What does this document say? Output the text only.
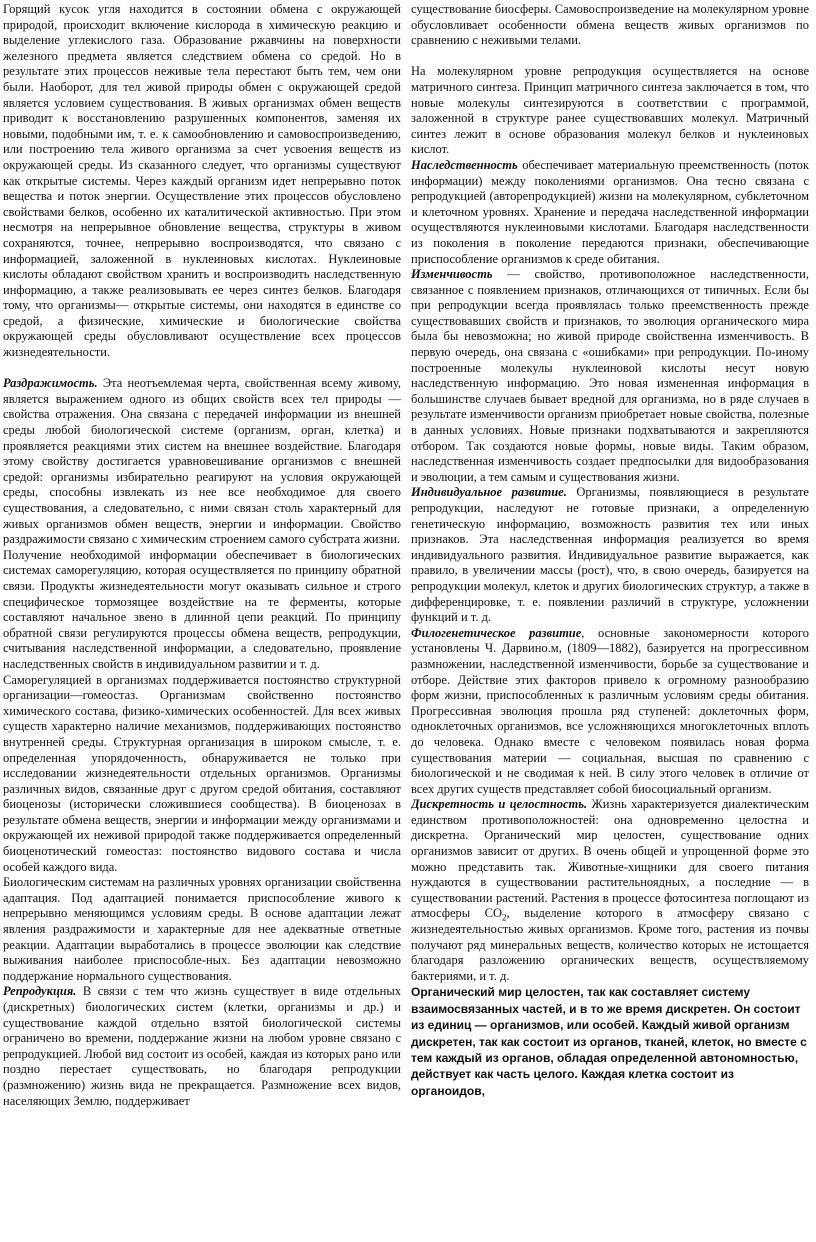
Горящий кусок угля находится в состоянии обмена с окружающей природой, происходит включение кислорода в химическую реакцию и выделение углекислого газа. Образование ржавчины на поверхности железного предмета является следствием обмена со средой. Но в результате этих процессов неживые тела перестают быть тем, чем они были. Наоборот, для тел живой природы обмен с окружающей средой является условием существования. В живых организмах обмен веществ приводит к восстановлению разрушенных компонентов, заменяя их новыми, подобными им, т. е. к самообновлению и самовоспроизведению, или построению тела живого организма за счет усвоения веществ из окружающей среды. Из сказанного следует, что организмы существуют как открытые системы. Через каждый организм идет непрерывно поток вещества и поток энергии. Осуществление этих процессов обусловлено свойствами белков, особенно их каталитической активностью. При этом несмотря на непрерывное обновление вещества, структуры в живом сохраняются, точнее, непрерывно воспроизводятся, что связано с информацией, заложенной в нуклеиновых кислотах. Нуклеиновые кислоты обладают свойством хранить и воспроизводить наследственную информацию, а также реализовывать ее через синтез белков. Благодаря тому, что организмы— открытые системы, они находятся в единстве со средой, а физические, химические и биологические свойства окружающей среды обусловливают осуществление всех процессов жизнедеятельности.

Раздражимость. Эта неотъемлемая черта, свойственная всему живому, является выражением одного из общих свойств всех тел природы — свойства отражения. Она связана с передачей информации из внешней среды любой биологической системе (организм, орган, клетка) и проявляется реакциями этих систем на внешнее воздействие. Благодаря этому свойству достигается уравновешивание организмов с внешней средой: организмы избирательно реагируют на условия окружающей среды, способны извлекать из нее все необходимое для своего существования, а следовательно, с ними связан столь характерный для живых организмов обмен веществ, энергии и информации. Свойство раздражимости связано с химическим строением самого субстрата жизни.

Получение необходимой информации обеспечивает в биологических системах саморегуляцию, которая осуществляется по принципу обратной связи. Продукты жизнедеятельности могут оказывать сильное и строго специфическое тормозящее воздействие на те ферменты, которые составляют начальное звено в длинной цепи реакций. По принципу обратной связи регулируются процессы обмена веществ, репродукции, считывания наследственной информации, а следовательно, проявление наследственных свойств в индивидуальном развитии и т. д.

Саморегуляцией в организмах поддерживается постоянство структурной организации—гомеостаз. Организмам свойственно постоянство химического состава, физико-химических особенностей. Для всех живых существ характерно наличие механизмов, поддерживающих постоянство внутренней среды. Структурная организация в широком смысле, т. е. определенная упорядоченность, обнаруживается не только при исследовании жизнедеятельности отдельных организмов. Организмы различных видов, связанные друг с другом средой обитания, составляют биоценозы (исторически сложившиеся сообщества). В биоценозах в результате обмена веществ, энергии и информации между организмами и окружающей их неживой природой также поддерживается определенный биоценотический гомеостаз: постоянство видового состава и числа особей каждого вида.

Биологическим системам на различных уровнях организации свойственна адаптация. Под адаптацией понимается приспособление живого к непрерывно меняющимся условиям среды. В основе адаптации лежат явления раздражимости и характерные для нее адекватные ответные реакции. Адаптации выработались в процессе эволюции как следствие выживания наиболее приспособле-ных. Без адаптации невозможно поддержание нормального существования.

Репродукция. В связи с тем что жизнь существует в виде отдельных (дискретных) биологических систем (клетки, организмы и др.) и существование каждой отдельно взятой биологической системы ограничено во времени, поддержание жизни на любом уровне связано с репродукцией. Любой вид состоит из особей, каждая из которых рано или поздно перестает существовать, но благодаря репродукции (размножению) жизнь вида не прекращается. Размножение всех видов, населяющих Землю, поддерживает

существование биосферы. Самовоспроизведение на молекулярном уровне обусловливает особенности обмена веществ живых организмов по сравнению с неживыми телами.

На молекулярном уровне репродукция осуществляется на основе матричного синтеза. Принцип матричного синтеза заключается в том, что новые молекулы синтезируются в соответствии с программой, заложенной в структуре ранее существовавших молекул. Матричный синтез лежит в основе образования молекул белков и нуклеиновых кислот.

Наследственность обеспечивает материальную преемственность (поток информации) между поколениями организмов. Она тесно связана с репродукцией (авторепродукцией) жизни на молекулярном, субклеточном и клеточном уровнях. Хранение и передача наследственной информации осуществляются нуклеиновыми кислотами. Благодаря наследственности из поколения в поколение передаются признаки, обеспечивающие приспособление организмов к среде обитания.

Изменчивость — свойство, противоположное наследственности, связанное с появлением признаков, отличающихся от типичных. Если бы при репродукции всегда проявлялась только преемственность прежде существовавших свойств и признаков, то эволюция органического мира была бы невозможна; но живой природе свойственна изменчивость. В первую очередь, она связана с «ошибками» при репродукции. По-иному построенные молекулы нуклеиновой кислоты несут новую наследственную информацию. Это новая измененная информация в большинстве случаев бывает вредной для организма, но в ряде случаев в результате изменчивости организм приобретает новые свойства, полезные в данных условиях. Новые признаки подхватываются и закрепляются отбором. Так создаются новые формы, новые виды. Таким образом, наследственная изменчивость создает предпосылки для видообразования и эволюции, а тем самым и существования жизни.

Индивидуальное развитие. Организмы, появляющиеся в результате репродукции, наследуют не готовые признаки, а определенную генетическую информацию, возможность развития тех или иных признаков. Эта наследственная информация реализуется во время индивидуального развития. Индивидуальное развитие выражается, как правило, в увеличении массы (рост), что, в свою очередь, базируется на репродукции молекул, клеток и других биологических структур, а также в дифференцировке, т. е. появлении различий в структуре, усложнении функций и т. д.

Филогенетическое развитие, основные закономерности которого установлены Ч. Дарвино.м, (1809—1882), базируется на прогрессивном размножении, наследственной изменчивости, борьбе за существование и отборе. Действие этих факторов привело к огромному разнообразию форм жизни, приспособленных к различным условиям среды обитания. Прогрессивная эволюция прошла ряд ступеней: доклеточных форм, одноклеточных организмов, все усложняющихся многоклеточных вплоть до человека. Однако вместе с человеком появилась новая форма существования материи — социальная, высшая по сравнению с биологической и не сводимая к ней. В силу этого человек в отличие от всех других существ представляет собой биосоциальный организм.

Дискретность и целостность. Жизнь характеризуется диалектическим единством противоположностей: она одновременно целостна и дискретна. Органический мир целостен, существование одних организмов зависит от других. В очень общей и упрощенной форме это можно представить так. Животные-хищники для своего питания нуждаются в существовании растительноядных, а последние — в существовании растений. Растения в процессе фотосинтеза поглощают из атмосферы $CO_2$, выделение которого в атмосферу связано с жизнедеятельностью живых организмов. Кроме того, растения из почвы получают ряд минеральных веществ, количество которых не истощается благодаря разложению органических веществ, осуществляемому бактериями, и т. д.

Органический мир целостен, так как составляет систему взаимосвязанных частей, и в то же время дискретен. Он состоит из единиц — организмов, или особей. Каждый живой организм дискретен, так как состоит из органов, тканей, клеток, но вместе с тем каждый из органов, обладая определенной автономностью, действует как часть целого. Каждая клетка состоит из органоидов,
